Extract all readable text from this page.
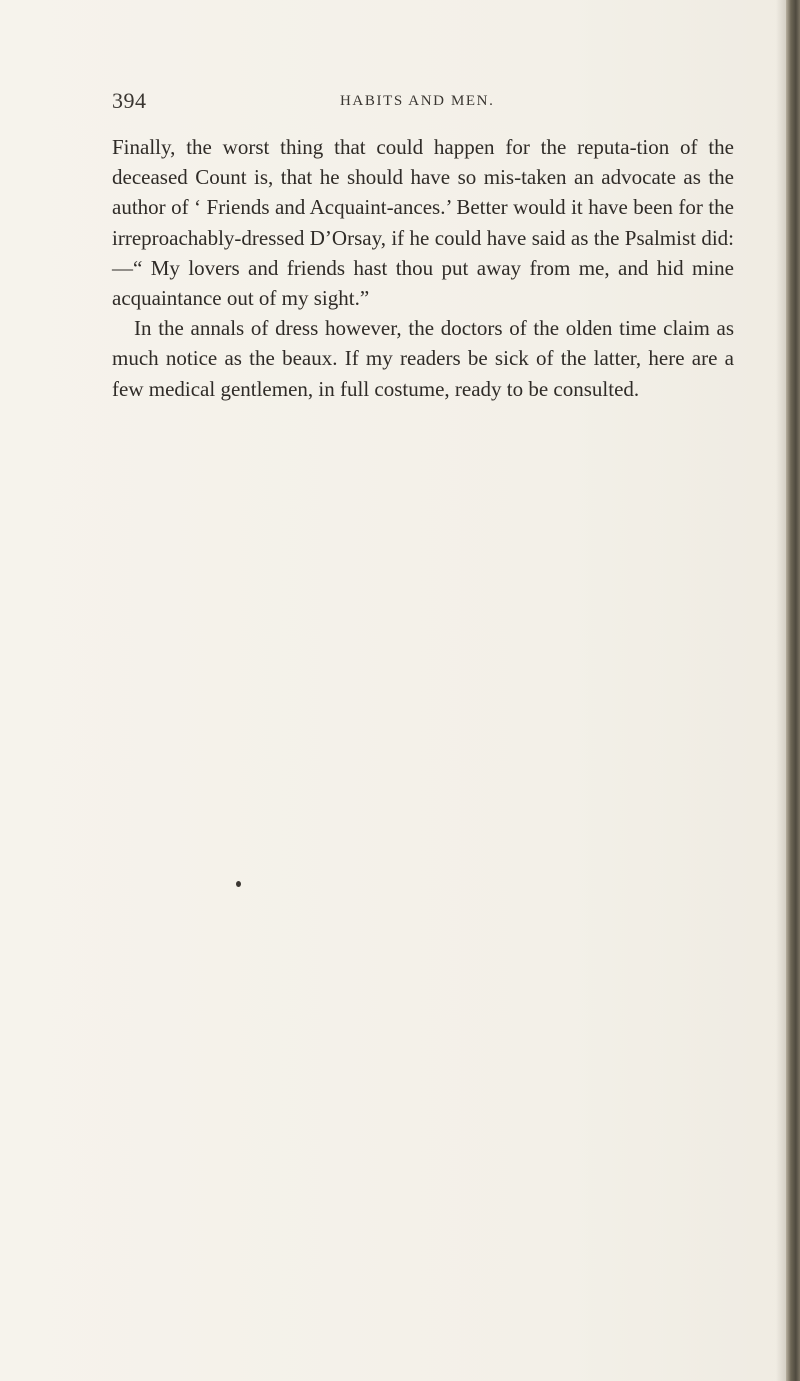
394	HABITS AND MEN.

Finally, the worst thing that could happen for the reputa-tion of the deceased Count is, that he should have so mis-taken an advocate as the author of ‘ Friends and Acquaint-ances.’ Better would it have been for the irreproachably-dressed D’Orsay, if he could have said as the Psalmist did: —“ My lovers and friends hast thou put away from me, and hid mine acquaintance out of my sight.”

In the annals of dress however, the doctors of the olden time claim as much notice as the beaux. If my readers be sick of the latter, here are a few medical gentlemen, in full costume, ready to be consulted.
